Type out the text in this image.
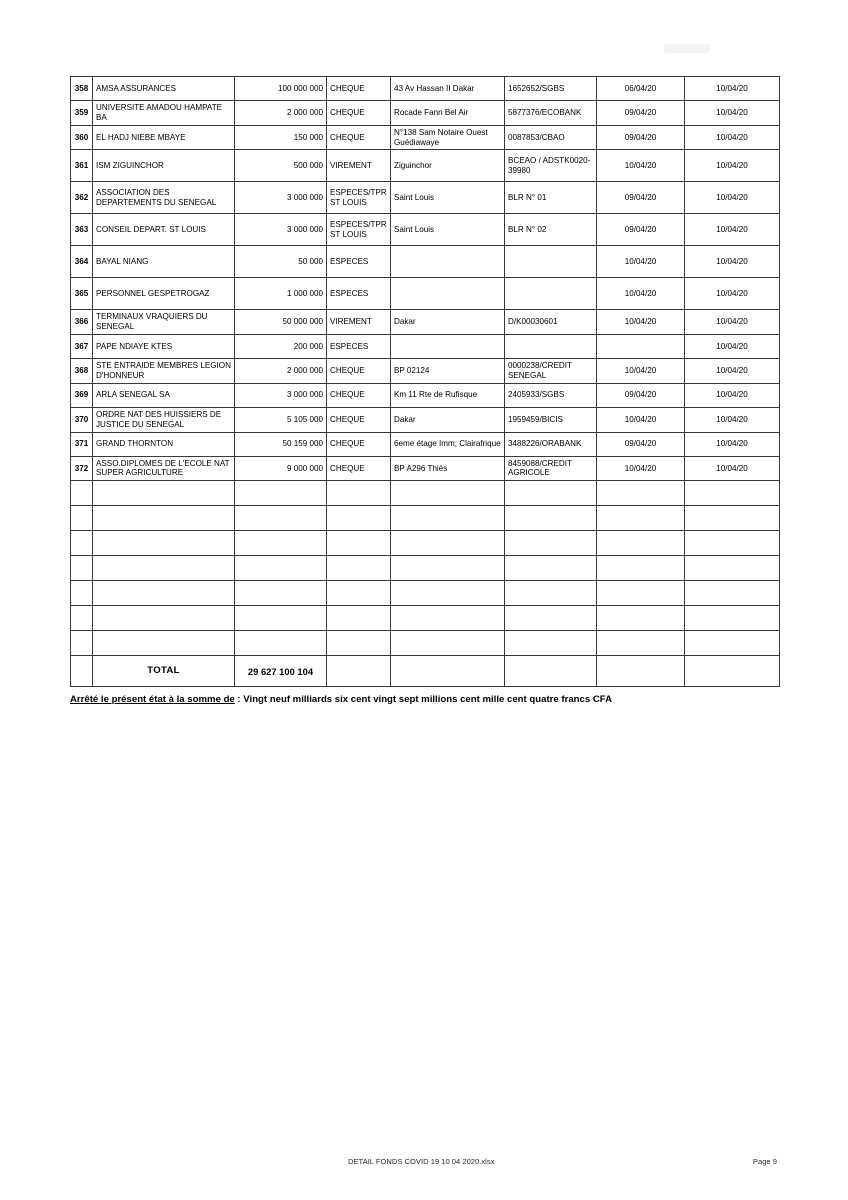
358	AMSA ASSURANCES	100 000 000	CHEQUE	43 Av Hassan II Dakar	1652652/SGBS	06/04/20	10/04/20
359	UNIVERSITE AMADOU HAMPATE BA	2 000 000	CHEQUE	Rocade Fann Bel Air	5877376/ECOBANK	09/04/20	10/04/20
360	EL HADJ NIEBE MBAYE	150 000	CHEQUE	N°138 Sam Notaire Ouest Guédiawaye	0087853/CBAO	09/04/20	10/04/20
361	ISM ZIGUINCHOR	500 000	VIREMENT	Ziguinchor	BCEAO / ADSTK0020-39980	10/04/20	10/04/20
362	ASSOCIATION DES DEPARTEMENTS DU SENEGAL	3 000 000	ESPECES/TPR ST LOUIS	Saint Louis	BLR N° 01	09/04/20	10/04/20
363	CONSEIL DEPART. ST LOUIS	3 000 000	ESPECES/TPR ST LOUIS	Saint Louis	BLR N° 02	09/04/20	10/04/20
364	BAYAL NIANG	50 000	ESPECES			10/04/20	10/04/20
365	PERSONNEL GESPETROGAZ	1 000 000	ESPECES			10/04/20	10/04/20
366	TERMINAUX VRAQUIERS DU SENEGAL	50 000 000	VIREMENT	Dakar	D/K00030601	10/04/20	10/04/20
367	PAPE NDIAYE KTES	200 000	ESPECES				10/04/20
368	STE ENTRAIDE MEMBRES LEGION D'HONNEUR	2 000 000	CHEQUE	BP 02124	0000238/CREDIT SENEGAL	10/04/20	10/04/20
369	ARLA SENEGAL SA	3 000 000	CHEQUE	Km 11 Rte de Rufisque	2405933/SGBS	09/04/20	10/04/20
370	ORDRE NAT DES HUISSIERS DE JUSTICE DU SENEGAL	5 105 000	CHEQUE	Dakar	1959459/BICIS	10/04/20	10/04/20
371	GRAND THORNTON	50 159 000	CHEQUE	6eme étage Imm; Clairafrique	3488226/ORABANK	09/04/20	10/04/20
372	ASSO.DIPLOMES DE L'ECOLE NAT SUPER AGRICULTURE	9 000 000	CHEQUE	BP A296 Thiès	8459088/CREDIT AGRICOLE	10/04/20	10/04/20

	TOTAL	29 627 100 104					
Arrêté le présent état à la somme de : Vingt neuf milliards six cent vingt sept millions cent mille cent quatre francs CFA
DETAIL FONDS COVID 19 10 04 2020.xlsx	Page 9
